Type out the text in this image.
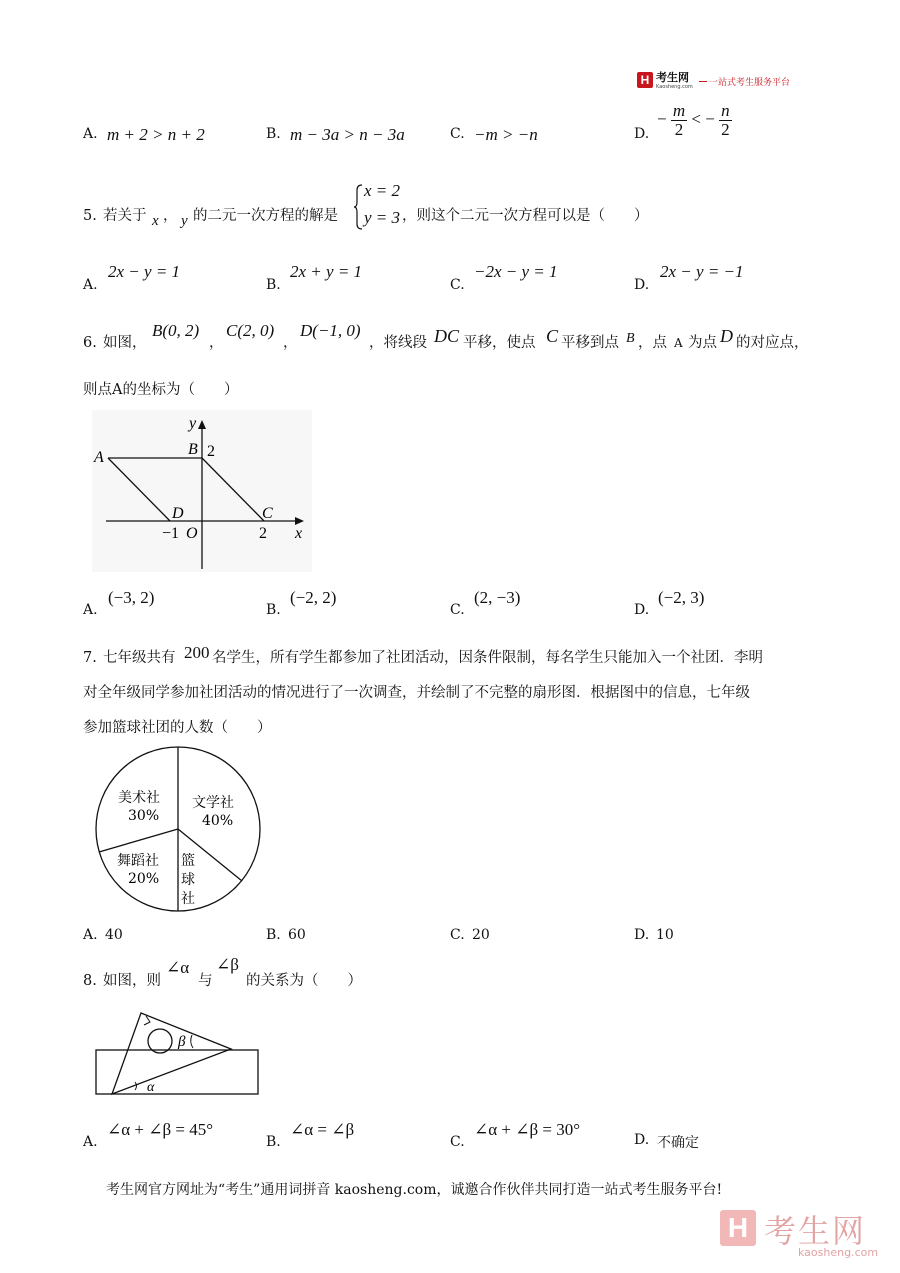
H 考生网
Kaosheng.com 一站式考生服务平台
A. m + 2 > n + 2	B. m − 3a > n − 3a	C. −m > −n	D.
− $\frac{m}{2}$ < − $\frac{n}{2}$
5. 若关于 x ， y 的二元一次方程的解是
x = 2
y = 3 ，则这个二元一次方程可以是（　　）
A.
2x − y = 1
B.
2x + y = 1
C.
−2x − y = 1
D.
2x − y = −1
6. 如图，
B(0, 2)
，
C(2, 0)
，
D(−1, 0)
，将线段 DC 平移，使点 C 平移到点 B ，点 A 为点 D 的对应点，
则点A的坐标为（　　）
y
x
A	B 2
D	C
−1 O	2
A.
(−3, 2)
B.
(−2, 2)
C.
(2, −3)
D.
(−2, 3)
7. 七年级共有 200 名学生，所有学生都参加了社团活动，因条件限制，每名学生只能加入一个社团．李明
对全年级同学参加社团活动的情况进行了一次调查，并绘制了不完整的扇形图．根据图中的信息，七年级
参加篮球社团的人数（　　）
美术社
30%
文学社
40%
舞蹈社
20%
篮
球
社
A. 40	B. 60	C. 20	D. 10
8. 如图，则
∠α
与
∠β
的关系为（　　）
β
α
A.
∠α + ∠β = 45°
B.
∠α = ∠β
C.
∠α + ∠β = 30°
D. 不确定
考生网官方网址为“考生”通用词拼音 kaosheng.com，诚邀合作伙伴共同打造一站式考生服务平台!
H 考生网
kaosheng.com
